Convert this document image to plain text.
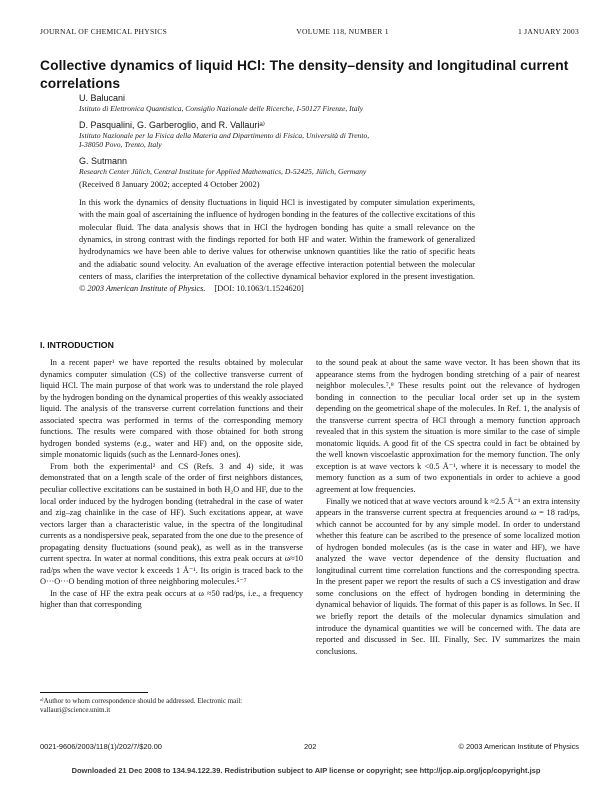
JOURNAL OF CHEMICAL PHYSICS	VOLUME 118, NUMBER 1	1 JANUARY 2003
Collective dynamics of liquid HCl: The density–density and longitudinal current correlations
U. Balucani
Istituto di Elettronica Quantistica, Consiglio Nazionale delle Ricerche, I-50127 Firenze, Italy
D. Pasqualini, G. Garberoglio, and R. Vallauriᵃ⁾
Istituto Nazionale per la Fisica della Materia and Dipartimento di Fisica, Università di Trento,
I-38050 Povo, Trento, Italy
G. Sutmann
Research Center Jülich, Central Institute for Applied Mathematics, D-52425, Jülich, Germany
(Received 8 January 2002; accepted 4 October 2002)
In this work the dynamics of density fluctuations in liquid HCl is investigated by computer simulation experiments, with the main goal of ascertaining the influence of hydrogen bonding in the features of the collective excitations of this molecular fluid. The data analysis shows that in HCl the hydrogen bonding has quite a small relevance on the dynamics, in strong contrast with the findings reported for both HF and water. Within the framework of generalized hydrodynamics we have been able to derive values for otherwise unknown quantities like the ratio of specific heats and the adiabatic sound velocity. An evaluation of the average effective interaction potential between the molecular centers of mass, clarifies the interpretation of the collective dynamical behavior explored in the present investigation. © 2003 American Institute of Physics. [DOI: 10.1063/1.1524620]
I. INTRODUCTION

In a recent paper¹ we have reported the results obtained by molecular dynamics computer simulation (CS) of the collective transverse current of liquid HCl. The main purpose of that work was to understand the role played by the hydrogen bonding on the dynamical properties of this weakly associated liquid. The analysis of the transverse current correlation functions and their associated spectra was performed in terms of the corresponding memory functions. The results were compared with those obtained for both strong hydrogen bonded systems (e.g., water and HF) and, on the opposite side, simple monatomic liquids (such as the Lennard-Jones ones).

From both the experimental² and CS (Refs. 3 and 4) side, it was demonstrated that on a length scale of the order of first neighbors distances, peculiar collective excitations can be sustained in both H₂O and HF, due to the local order induced by the hydrogen bonding (tetrahedral in the case of water and zig–zag chainlike in the case of HF). Such excitations appear, at wave vectors larger than a characteristic value, in the spectra of the longitudinal currents as a nondispersive peak, separated from the one due to the presence of propagating density fluctuations (sound peak), as well as in the transverse current spectra. In water at normal conditions, this extra peak occurs at ω≈10 rad/ps when the wave vector k exceeds 1 Å⁻¹. Its origin is traced back to the O···O···O bending motion of three neighboring molecules.⁵⁻⁷

In the case of HF the extra peak occurs at ω ≈50 rad/ps, i.e., a frequency higher than that corresponding

to the sound peak at about the same wave vector. It has been shown that its appearance stems from the hydrogen bonding stretching of a pair of nearest neighbor molecules.⁷,⁸ These results point out the relevance of hydrogen bonding in connection to the peculiar local order set up in the system depending on the geometrical shape of the molecules. In Ref. 1, the analysis of the transverse current spectra of HCl through a memory function approach revealed that in this system the situation is more similar to the case of simple monatomic liquids. A good fit of the CS spectra could in fact be obtained by the well known viscoelastic approximation for the memory function. The only exception is at wave vectors k <0.5 Å⁻¹, where it is necessary to model the memory function as a sum of two exponentials in order to achieve a good agreement at low frequencies.

Finally we noticed that at wave vectors around k ≈2.5 Å⁻¹ an extra intensity appears in the transverse current spectra at frequencies around ω = 18 rad/ps, which cannot be accounted for by any simple model. In order to understand whether this feature can be ascribed to the presence of some localized motion of hydrogen bonded molecules (as is the case in water and HF), we have analyzed the wave vector dependence of the density fluctuation and longitudinal current time correlation functions and the corresponding spectra. In the present paper we report the results of such a CS investigation and draw some conclusions on the effect of hydrogen bonding in determining the dynamical behavior of liquids. The format of this paper is as follows. In Sec. II we briefly report the details of the molecular dynamics simulation and introduce the dynamical quantities we will be concerned with. The data are reported and discussed in Sec. III. Finally, Sec. IV summarizes the main conclusions.

ᵃ⁾Author to whom correspondence should be addressed. Electronic mail: vallauri@science.unitn.it
0021-9606/2003/118(1)/202/7/$20.00	202	© 2003 American Institute of Physics
Downloaded 21 Dec 2008 to 134.94.122.39. Redistribution subject to AIP license or copyright; see http://jcp.aip.org/jcp/copyright.jsp
